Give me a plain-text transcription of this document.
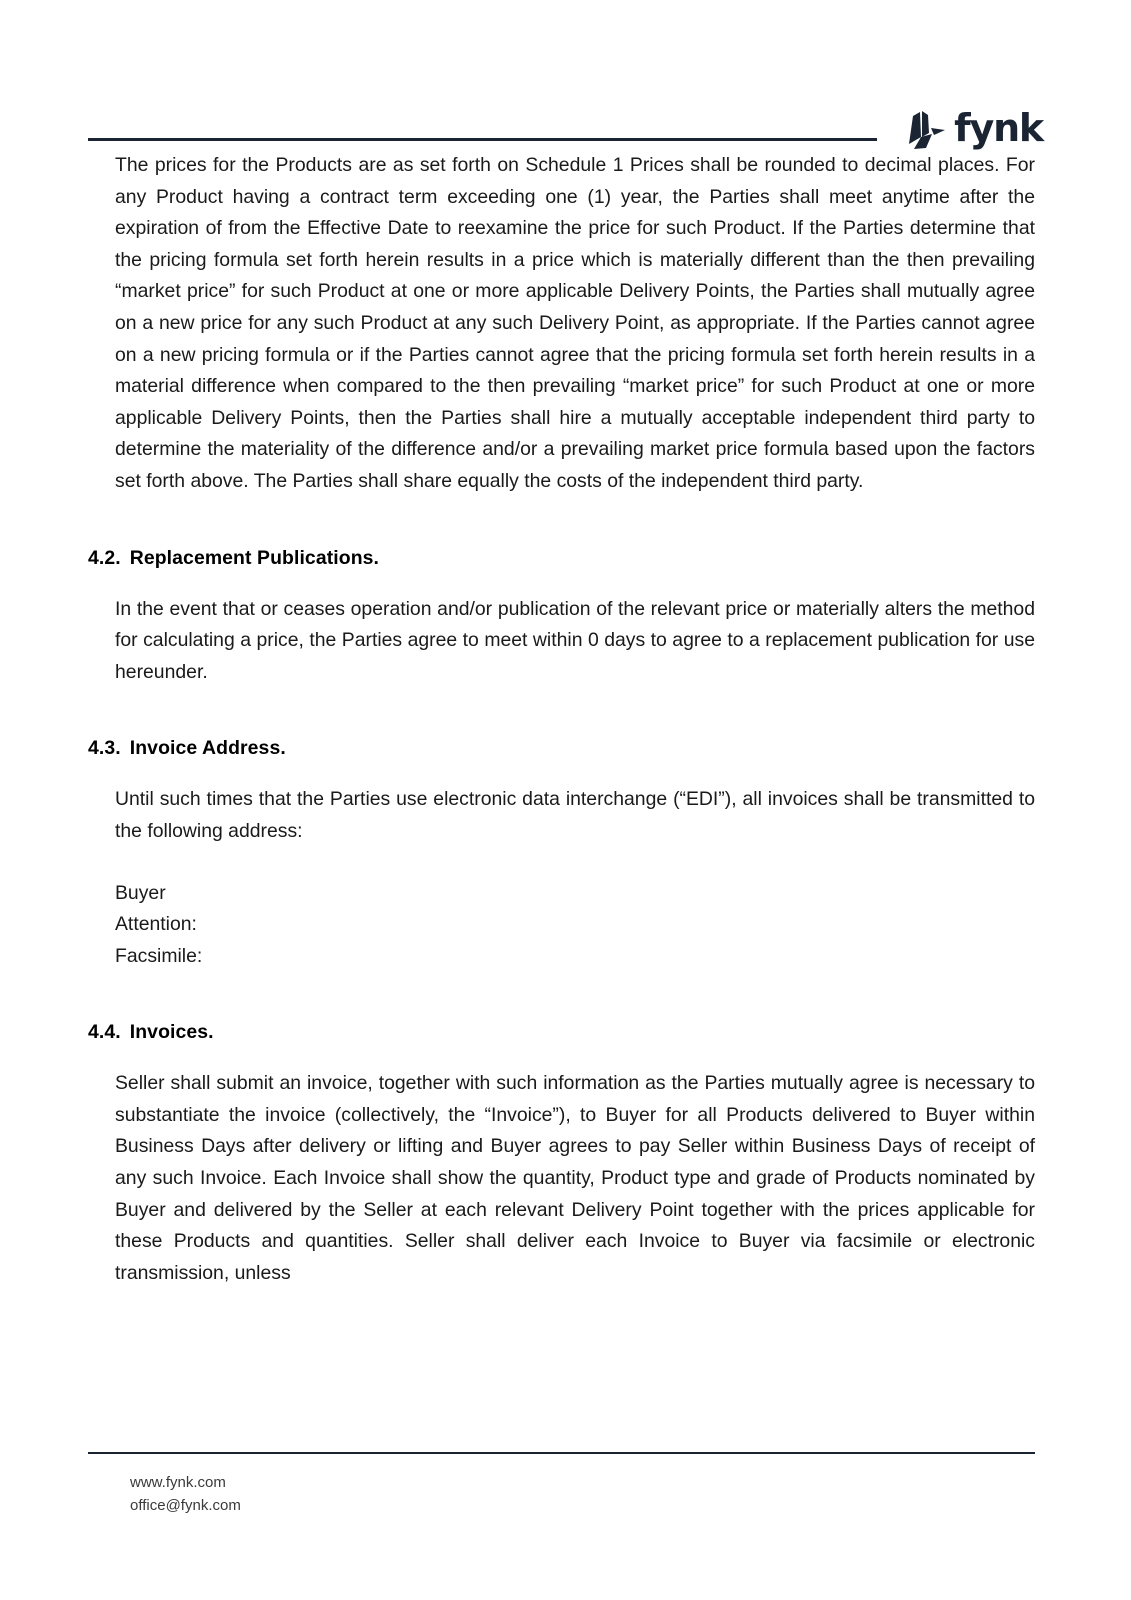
fynk

The prices for the Products are as set forth on Schedule 1 Prices shall be rounded to decimal places. For any Product having a contract term exceeding one (1) year, the Parties shall meet anytime after the expiration of from the Effective Date to reexamine the price for such Product. If the Parties determine that the pricing formula set forth herein results in a price which is materially different than the then prevailing “market price” for such Product at one or more applicable Delivery Points, the Parties shall mutually agree on a new price for any such Product at any such Delivery Point, as appropriate. If the Parties cannot agree on a new pricing formula or if the Parties cannot agree that the pricing formula set forth herein results in a material difference when compared to the then prevailing “market price” for such Product at one or more applicable Delivery Points, then the Parties shall hire a mutually acceptable independent third party to determine the materiality of the difference and/or a prevailing market price formula based upon the factors set forth above. The Parties shall share equally the costs of the independent third party.

4.2. Replacement Publications.

In the event that or ceases operation and/or publication of the relevant price or materially alters the method for calculating a price, the Parties agree to meet within 0 days to agree to a replacement publication for use hereunder.

4.3. Invoice Address.

Until such times that the Parties use electronic data interchange (“EDI”), all invoices shall be transmitted to the following address:

Buyer
Attention:
Facsimile:
4.4. Invoices.

Seller shall submit an invoice, together with such information as the Parties mutually agree is necessary to substantiate the invoice (collectively, the “Invoice”), to Buyer for all Products delivered to Buyer within Business Days after delivery or lifting and Buyer agrees to pay Seller within Business Days of receipt of any such Invoice. Each Invoice shall show the quantity, Product type and grade of Products nominated by Buyer and delivered by the Seller at each relevant Delivery Point together with the prices applicable for these Products and quantities. Seller shall deliver each Invoice to Buyer via facsimile or electronic transmission, unless

www.fynk.com
office@fynk.com
